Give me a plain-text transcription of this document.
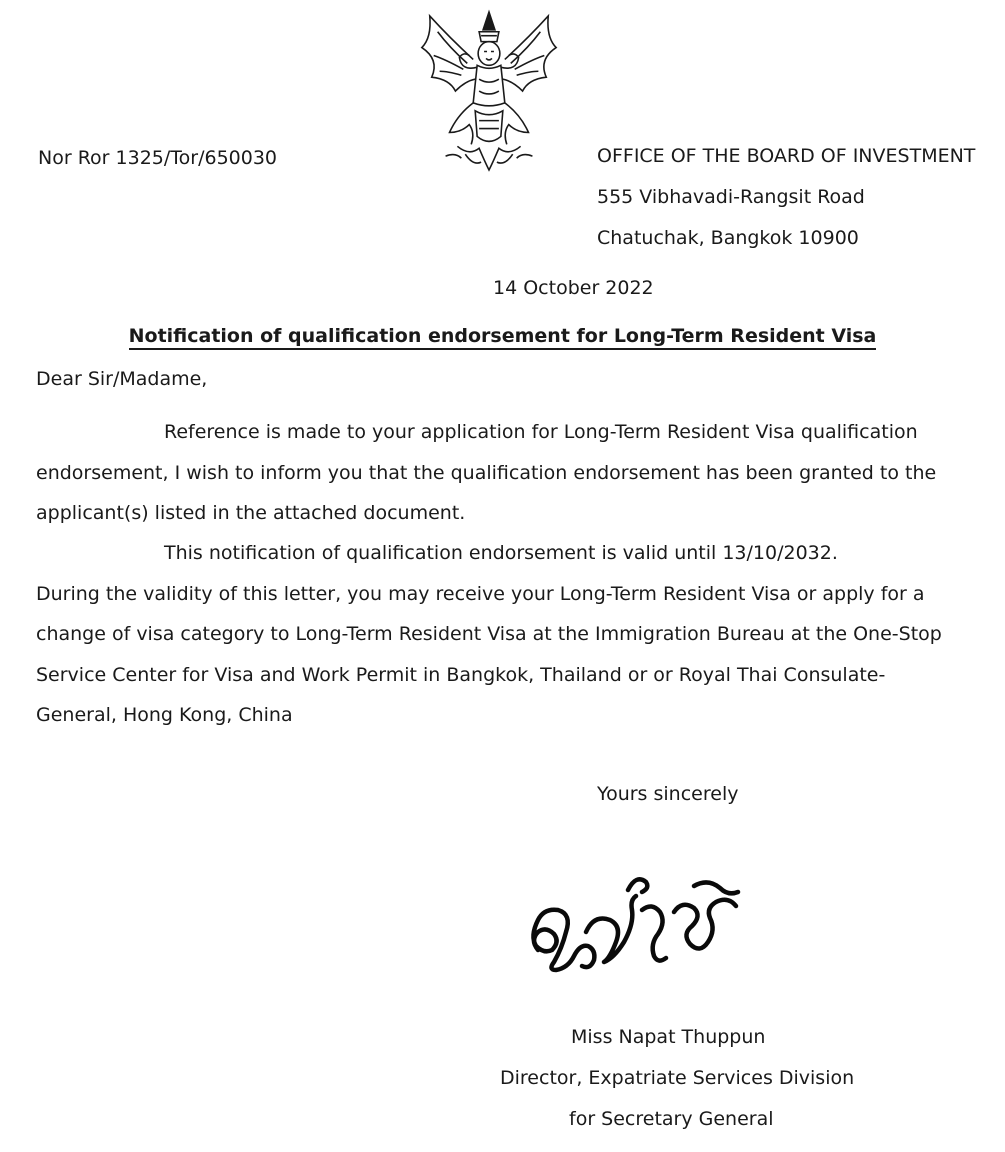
Nor Ror 1325/Tor/650030	OFFICE OF THE BOARD OF INVESTMENT
555 Vibhavadi-Rangsit Road
Chatuchak, Bangkok 10900
14 October 2022
Notification of qualification endorsement for Long-Term Resident Visa
Dear Sir/Madame,
Reference is made to your application for Long-Term Resident Visa qualification endorsement, I wish to inform you that the qualification endorsement has been granted to the applicant(s) listed in the attached document.
This notification of qualification endorsement is valid until 13/10/2032.
During the validity of this letter, you may receive your Long-Term Resident Visa or apply for a change of visa category to Long-Term Resident Visa at the Immigration Bureau at the One-Stop Service Center for Visa and Work Permit in Bangkok, Thailand or or Royal Thai Consulate-General, Hong Kong, China
Yours sincerely
Miss Napat Thuppun
Director, Expatriate Services Division
for Secretary General
